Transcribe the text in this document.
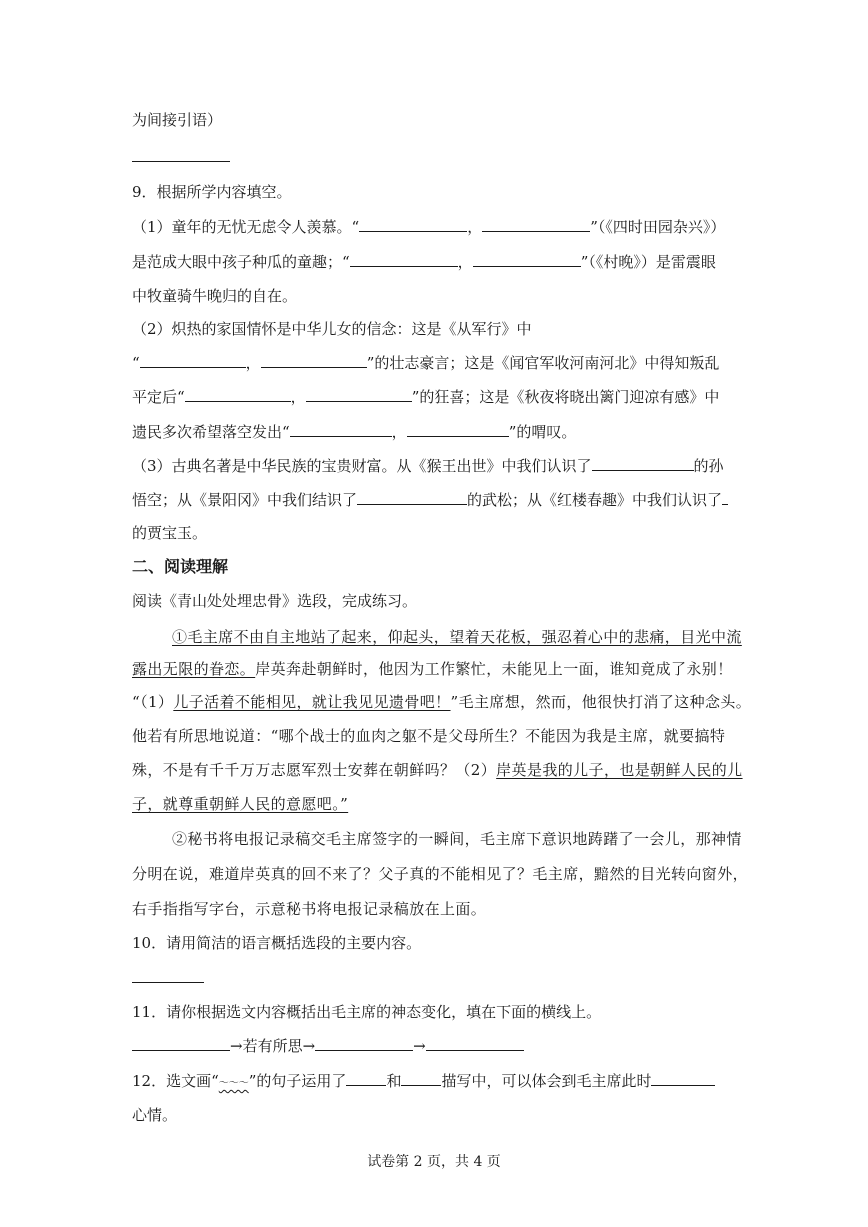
为间接引语）
9．根据所学内容填空。
（1）童年的无忧无虑令人羡慕。“	，	”（《四时田园杂兴》）
是范成大眼中孩子种瓜的童趣；“	，	”（《村晚》）是雷震眼
中牧童骑牛晚归的自在。
（2）炽热的家国情怀是中华儿女的信念：这是《从军行》中
“	，	”的壮志豪言；这是《闻官军收河南河北》中得知叛乱
平定后“	，	”的狂喜；这是《秋夜将晓出篱门迎凉有感》中
遗民多次希望落空发出“	，	”的喟叹。
（3）古典名著是中华民族的宝贵财富。从《猴王出世》中我们认识了	的孙
悟空；从《景阳冈》中我们结识了	的武松；从《红楼春趣》中我们认识了
的贾宝玉。
二、阅读理解
阅读《青山处处埋忠骨》选段，完成练习。
①毛主席不由自主地站了起来，仰起头，望着天花板，强忍着心中的悲痛，目光中流
露出无限的眷恋。岸英奔赴朝鲜时，他因为工作繁忙，未能见上一面，谁知竟成了永别！
“（1）儿子活着不能相见，就让我见见遗骨吧！”毛主席想，然而，他很快打消了这种念头。
他若有所思地说道：“哪个战士的血肉之躯不是父母所生？不能因为我是主席，就要搞特
殊，不是有千千万万志愿军烈士安葬在朝鲜吗？（2）岸英是我的儿子，也是朝鲜人民的儿
子，就尊重朝鲜人民的意愿吧。”
②秘书将电报记录稿交毛主席签字的一瞬间，毛主席下意识地踌躇了一会儿，那神情
分明在说，难道岸英真的回不来了？父子真的不能相见了？毛主席，黯然的目光转向窗外，
右手指指写字台，示意秘书将电报记录稿放在上面。
10．请用简洁的语言概括选段的主要内容。
11．请你根据选文内容概括出毛主席的神态变化，填在下面的横线上。
→若有所思→	→
12．选文画“～～～”的句子运用了	和	描写中，可以体会到毛主席此时
心情。
试卷第 2 页，共 4 页
